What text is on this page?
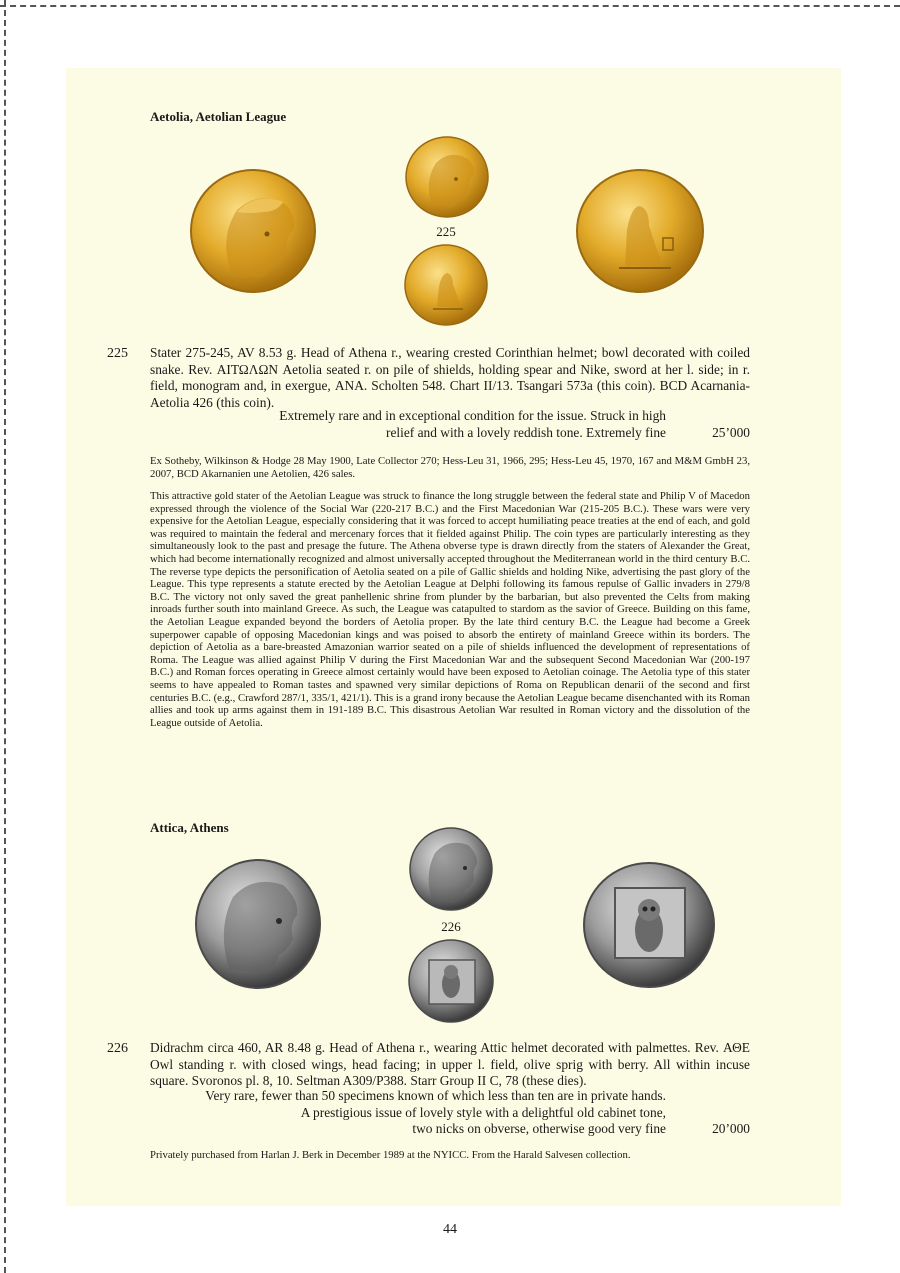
Aetolia, Aetolian League
225
225 Stater 275-245, AV 8.53 g. Head of Athena r., wearing crested Corinthian helmet; bowl decorated with coiled snake. Rev. ΑΙΤΩΛΩΝ Aetolia seated r. on pile of shields, holding spear and Nike, sword at her l. side; in r. field, monogram and, in exergue, ΑΝΑ. Scholten 548. Chart II/13. Tsangari 573a (this coin). BCD Acarnania-Aetolia 426 (this coin).
Extremely rare and in exceptional condition for the issue. Struck in high
relief and with a lovely reddish tone. Extremely fine	25’000
Ex Sotheby, Wilkinson & Hodge 28 May 1900, Late Collector 270; Hess-Leu 31, 1966, 295; Hess-Leu 45, 1970, 167 and M&M GmbH 23, 2007, BCD Akarnanien une Aetolien, 426 sales.
This attractive gold stater of the Aetolian League was struck to finance the long struggle between the federal state and Philip V of Macedon expressed through the violence of the Social War (220-217 B.C.) and the First Macedonian War (215-205 B.C.). These wars were very expensive for the Aetolian League, especially considering that it was forced to accept humiliating peace treaties at the end of each, and gold was required to maintain the federal and mercenary forces that it fielded against Philip. The coin types are particularly interesting as they simultaneously look to the past and presage the future. The Athena obverse type is drawn directly from the staters of Alexander the Great, which had become internationally recognized and almost universally accepted throughout the Mediterranean world in the third century B.C. The reverse type depicts the personification of Aetolia seated on a pile of Gallic shields and holding Nike, advertising the past glory of the League. This type represents a statute erected by the Aetolian League at Delphi following its famous repulse of Gallic invaders in 279/8 B.C. The victory not only saved the great panhellenic shrine from plunder by the barbarian, but also prevented the Celts from making inroads further south into mainland Greece. As such, the League was catapulted to stardom as the savior of Greece. Building on this fame, the Aetolian League expanded beyond the borders of Aetolia proper. By the late third century B.C. the League had become a Greek superpower capable of opposing Macedonian kings and was poised to absorb the entirety of mainland Greece within its borders. The depiction of Aetolia as a bare-breasted Amazonian warrior seated on a pile of shields influenced the development of representations of Roma. The League was allied against Philip V during the First Macedonian War and the subsequent Second Macedonian War (200-197 B.C.) and Roman forces operating in Greece almost certainly would have been exposed to Aetolian coinage. The Aetolia type of this stater seems to have appealed to Roman tastes and spawned very similar depictions of Roma on Republican denarii of the second and first centuries B.C. (e.g., Crawford 287/1, 335/1, 421/1). This is a grand irony because the Aetolian League became disenchanted with its Roman allies and took up arms against them in 191-189 B.C. This disastrous Aetolian War resulted in Roman victory and the dissolution of the League outside of Aetolia.
Attica, Athens
226
226 Didrachm circa 460, AR 8.48 g. Head of Athena r., wearing Attic helmet decorated with palmettes. Rev. ΑΘΕ Owl standing r. with closed wings, head facing; in upper l. field, olive sprig with berry. All within incuse square. Svoronos pl. 8, 10. Seltman A309/P388. Starr Group II C, 78 (these dies).
Very rare, fewer than 50 specimens known of which less than ten are in private hands.
A prestigious issue of lovely style with a delightful old cabinet tone,
two nicks on obverse, otherwise good very fine	20’000
Privately purchased from Harlan J. Berk in December 1989 at the NYICC. From the Harald Salvesen collection.
44
